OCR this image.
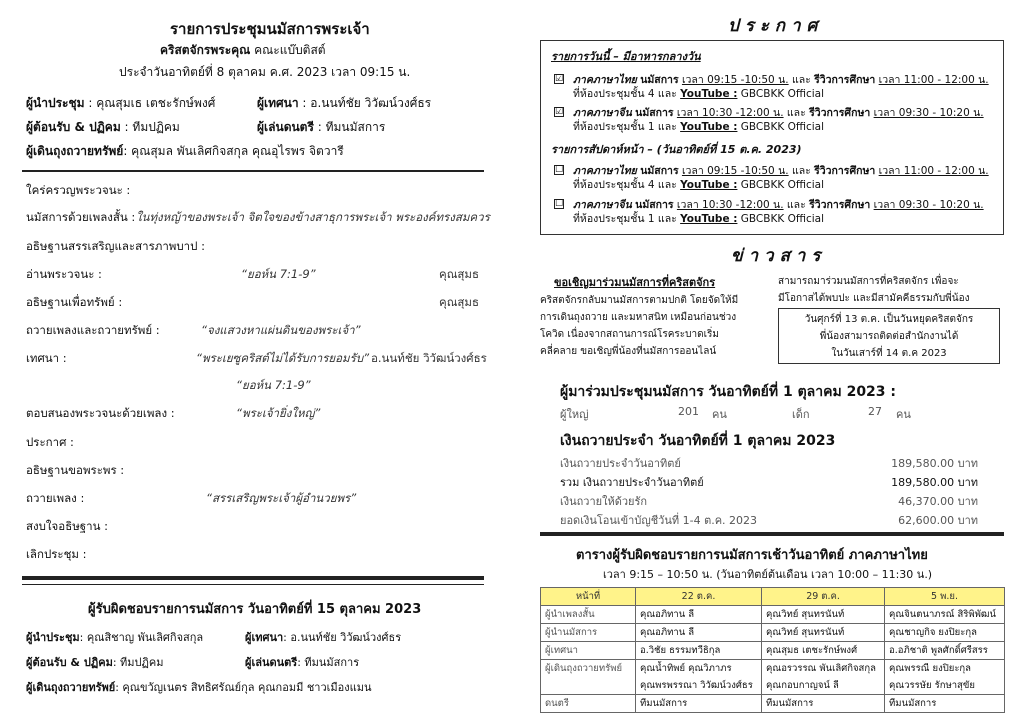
รายการประชุมนมัสการพระเจ้า
คริสตจักรพระคุณ คณะแบ๊บติสต์
ประจำวันอาทิตย์ที่ 8 ตุลาคม ค.ศ. 2023 เวลา 09:15 น.
ผู้นำประชุม : คุณสุมเธ เตชะรักษ์พงศ์	ผู้เทศนา : อ.นนท์ชัย วิวัฒน์วงศ์ธร
ผู้ต้อนรับ & ปฏิคม : ทีมปฏิคม	ผู้เล่นดนตรี : ทีมนมัสการ
ผู้เดินถุงถวายทรัพย์: คุณสุมล พันเลิศกิจสกุล คุณอุไรพร จิตวารี
ใคร่ครวญพระวจนะ :
นมัสการด้วยเพลงสั้น : ในทุ่งหญ้าของพระเจ้า จิตใจของข้างสาธุการพระเจ้า พระองค์ทรงสมควร
อธิษฐานสรรเสริญและสารภาพบาป :
อ่านพระวจนะ :	“ยอห์น 7:1-9”	คุณสุมธ
อธิษฐานเพื่อทรัพย์ :	คุณสุมธ
ถวายเพลงและถวายทรัพย์ :	“จงแสวงหาแผ่นดินของพระเจ้า”
เทศนา :	“พระเยซูคริสต์ไม่ได้รับการยอมรับ” อ.นนท์ชัย วิวัฒน์วงศ์ธร
“ยอห์น 7:1-9”
ตอบสนองพระวจนะด้วยเพลง :	“พระเจ้ายิ่งใหญ่”
ประกาศ :
อธิษฐานขอพระพร :
ถวายเพลง :	“สรรเสริญพระเจ้าผู้อำนวยพร”
สงบใจอธิษฐาน :
เลิกประชุม :
ผู้รับผิดชอบรายการนมัสการ วันอาทิตย์ที่ 15 ตุลาคม 2023
ผู้นำประชุม: คุณสิชาญ พันเลิศกิจสกุล	ผู้เทศนา: อ.นนท์ชัย วิวัฒน์วงศ์ธร
ผู้ต้อนรับ & ปฏิคม: ทีมปฏิคม	ผู้เล่นดนตรี: ทีมนมัสการ
ผู้เดินถุงถวายทรัพย์: คุณขวัญเนตร สิทธิศรัณย์กุล คุณกอมมี ชาวเมืองแมน
ป ร ะ ก า ศ
รายการวันนี้ – มีอาหารกลางวัน
☑ ภาคภาษาไทย นมัสการ เวลา 09:15 -10:50 น. และ รีวิวการศึกษา เวลา 11:00 - 12:00 น.
ที่ห้องประชุมชั้น 4 และ YouTube : GBCBKK Official
☑ ภาคภาษาจีน นมัสการ เวลา 10:30 -12:00 น. และ รีวิวการศึกษา เวลา 09:30 - 10:20 น.
ที่ห้องประชุมชั้น 1 และ YouTube : GBCBKK Official
รายการสัปดาห์หน้า – (วันอาทิตย์ที่ 15 ต.ค. 2023)
☐ ภาคภาษาไทย นมัสการ เวลา 09:15 -10:50 น. และ รีวิวการศึกษา เวลา 11:00 - 12:00 น.
ที่ห้องประชุมชั้น 4 และ YouTube : GBCBKK Official
☐ ภาคภาษาจีน นมัสการ เวลา 10:30 -12:00 น. และ รีวิวการศึกษา เวลา 09:30 - 10:20 น.
ที่ห้องประชุมชั้น 1 และ YouTube : GBCBKK Official
ข่ า ว ส า ร
ขอเชิญมาร่วมนมัสการที่คริสตจักร
คริสตจักรกลับมานมัสการตามปกติ โดยจัดให้มี
การเดินถุงถวาย และมหาสนิท เหมือนก่อนช่วง
โควิด เนื่องจากสถานการณ์โรคระบาดเริ่ม
คลี่คลาย ขอเชิญพี่น้องที่นมัสการออนไลน์
สามารถมาร่วมนมัสการที่คริสตจักร เพื่อจะ
มีโอกาสได้พบปะ และมีสามัคคีธรรมกับพี่น้อง
วันศุกร์ที่ 13 ต.ค. เป็นวันหยุดคริสตจักร
พี่น้องสามารถติดต่อสำนักงานได้
ในวันเสาร์ที่ 14 ต.ค 2023
ผู้มาร่วมประชุมนมัสการ วันอาทิตย์ที่ 1 ตุลาคม 2023 :
ผู้ใหญ่	201 คน	เด็ก	27 คน
เงินถวายประจำ วันอาทิตย์ที่ 1 ตุลาคม 2023
เงินถวายประจำวันอาทิตย์	189,580.00 บาท
รวม เงินถวายประจำวันอาทิตย์	189,580.00 บาท
เงินถวายให้ด้วยรัก	46,370.00 บาท
ยอดเงินโอนเข้าบัญชีวันที่ 1-4 ต.ค. 2023	62,600.00 บาท
ตารางผู้รับผิดชอบรายการนมัสการเช้าวันอาทิตย์ ภาคภาษาไทย
เวลา 9:15 – 10:50 น. (วันอาทิตย์ต้นเดือน เวลา 10:00 – 11:30 น.)
หน้าที่	22 ต.ค.	29 ต.ค.	5 พ.ย.
ผู้นำเพลงสั้น	คุณอภิทาน ลี	คุณวิทย์ สุนทรนันท์	คุณจินตนาภรณ์ สิริพิพัฒน์
ผู้นำนมัสการ	คุณอภิทาน ลี	คุณวิทย์ สุนทรนันท์	คุณชาญกิจ ยงปิยะกุล
ผู้เทศนา	อ.วิชัย ธรรมทวีธิกุล	คุณสุมธ เตชะรักษ์พงศ์	อ.อภิชาติ พูลศักดิ์ศรีสรร
ผู้เดินถุงถวายทรัพย์	คุณน้ำทิพย์ คุณวิภาภร	คุณอรวรรณ พันเลิศกิจสกุล	คุณพรรณี ยงปิยะกุล
	คุณพรพรรณา วิวัฒน์วงศ์ธร	คุณกอบกาญจน์ ลี	คุณวรรษัย รักษาสุขัย
ดนตรี	ทีมนมัสการ	ทีมนมัสการ	ทีมนมัสการ
